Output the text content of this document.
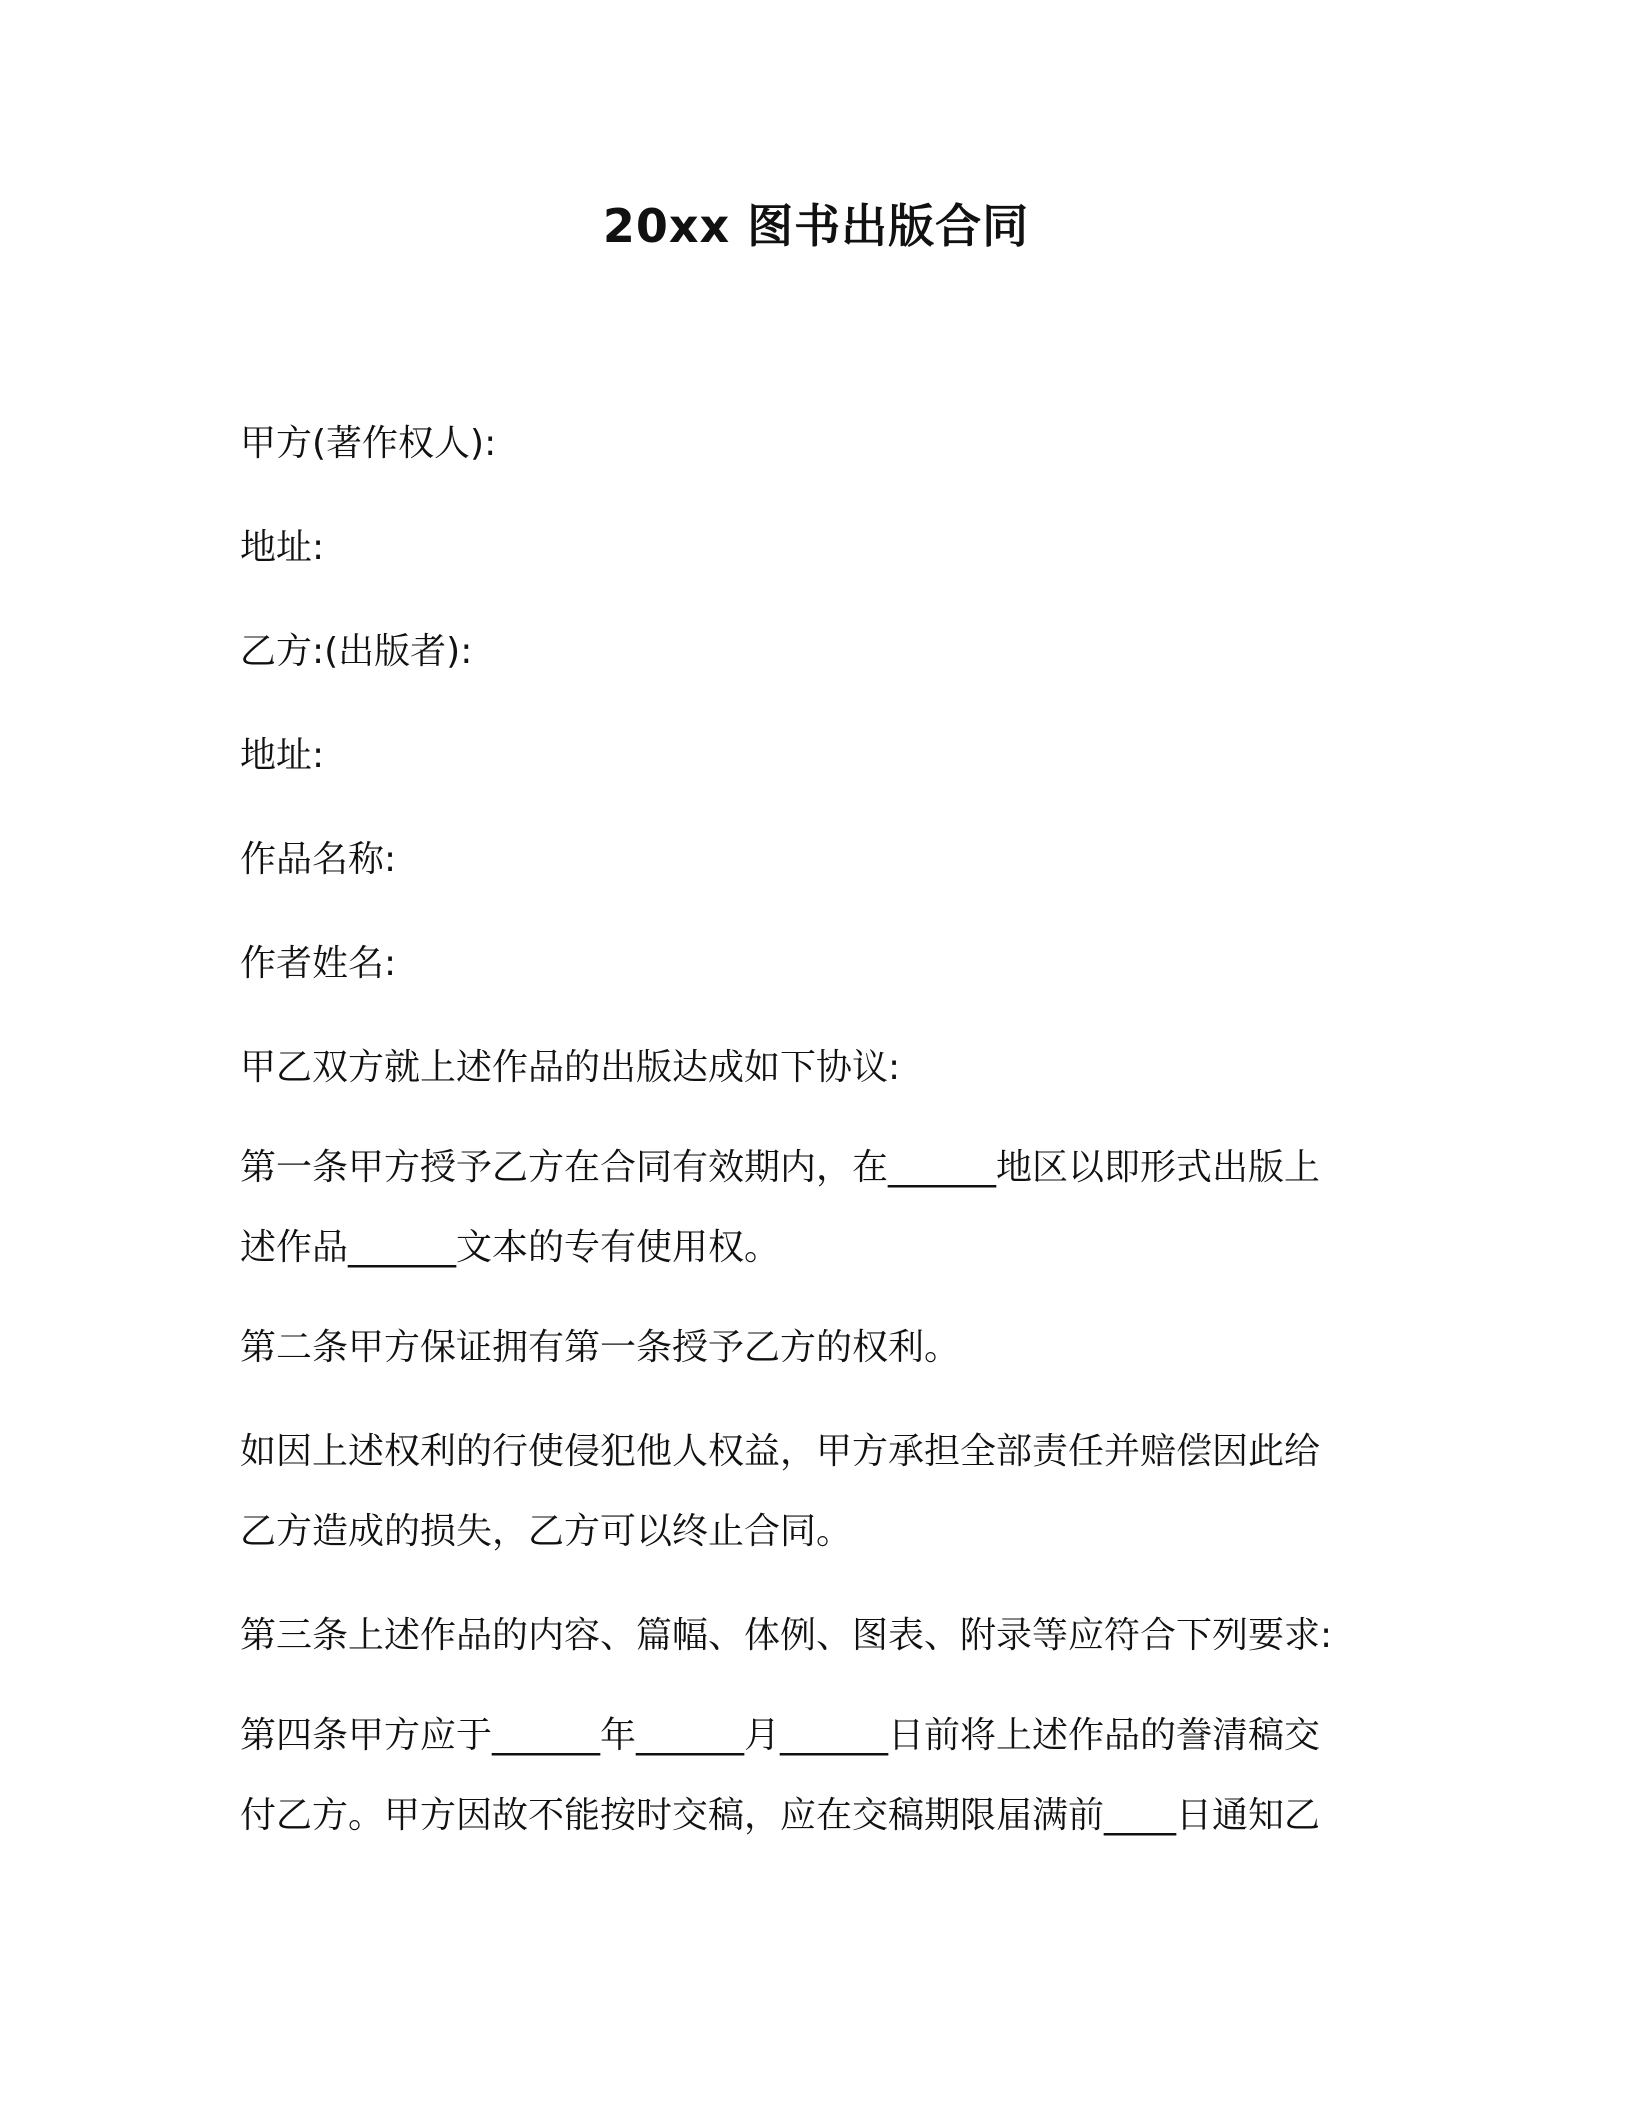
20xx 图书出版合同

甲方(著作权人):

地址:

乙方:(出版者):

地址:

作品名称:

作者姓名:

甲乙双方就上述作品的出版达成如下协议:

第一条甲方授予乙方在合同有效期内，在______地区以即形式出版上

述作品______文本的专有使用权。

第二条甲方保证拥有第一条授予乙方的权利。

如因上述权利的行使侵犯他人权益，甲方承担全部责任并赔偿因此给

乙方造成的损失，乙方可以终止合同。

第三条上述作品的内容、篇幅、体例、图表、附录等应符合下列要求:

第四条甲方应于______年______月______日前将上述作品的誊清稿交

付乙方。甲方因故不能按时交稿，应在交稿期限届满前____日通知乙
